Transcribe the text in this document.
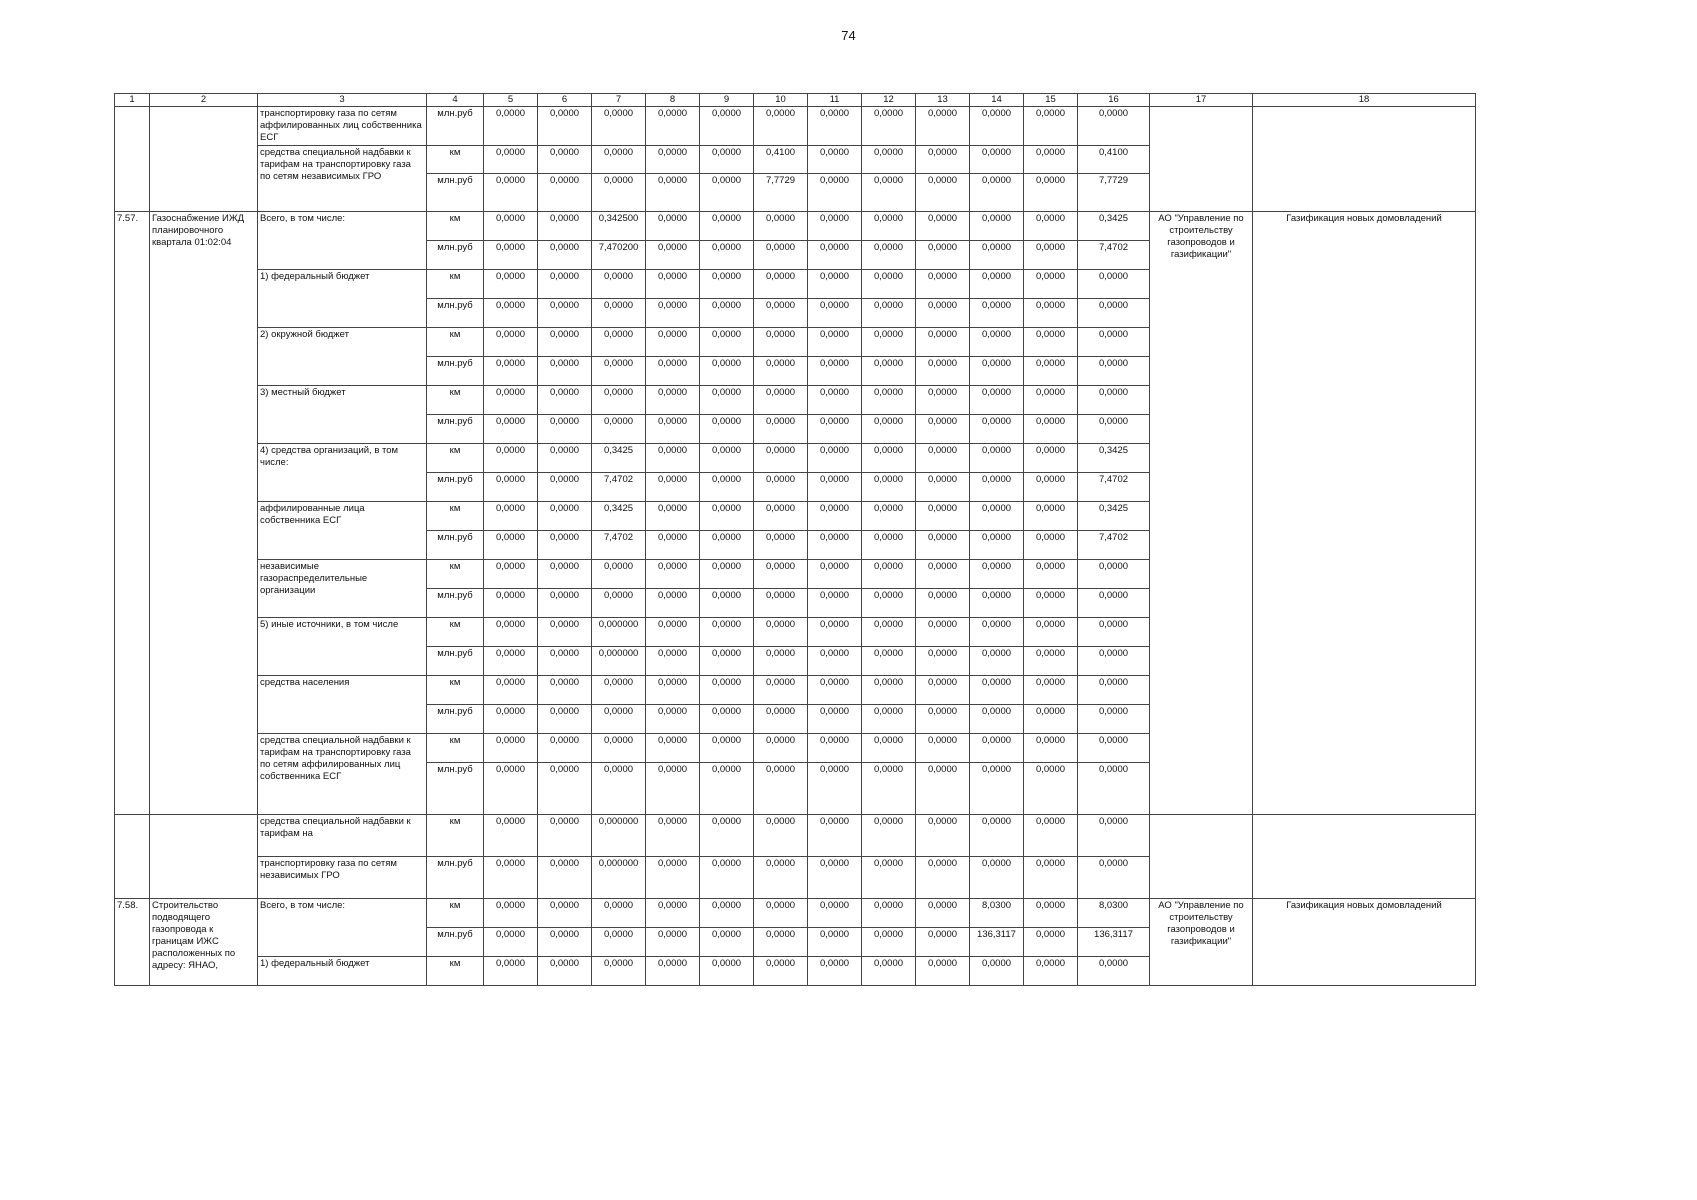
74
1	2	3	4	5	6	7	8	9	10	11	12	13	14	15	16	17	18
		транспортировку газа по сетям аффилированных лиц собственника ЕСГ	млн.руб	0,0000	0,0000	0,0000	0,0000	0,0000	0,0000	0,0000	0,0000	0,0000	0,0000	0,0000	0,0000		
		средства специальной надбавки к тарифам на транспортировку газа по сетям независимых ГРО	км	0,0000	0,0000	0,0000	0,0000	0,0000	0,4100	0,0000	0,0000	0,0000	0,0000	0,0000	0,4100		
			млн.руб	0,0000	0,0000	0,0000	0,0000	0,0000	7,7729	0,0000	0,0000	0,0000	0,0000	0,0000	7,7729		
7.57.	Газоснабжение ИЖД планировочного квартала 01:02:04	Всего, в том числе:	км	0,0000	0,0000	0,342500	0,0000	0,0000	0,0000	0,0000	0,0000	0,0000	0,0000	0,0000	0,3425	АО "Управление по строительству газопроводов и газификации"	Газификация новых домовладений
			млн.руб	0,0000	0,0000	7,470200	0,0000	0,0000	0,0000	0,0000	0,0000	0,0000	0,0000	0,0000	7,4702		
		1) федеральный бюджет	км	0,0000	0,0000	0,0000	0,0000	0,0000	0,0000	0,0000	0,0000	0,0000	0,0000	0,0000	0,0000		
			млн.руб	0,0000	0,0000	0,0000	0,0000	0,0000	0,0000	0,0000	0,0000	0,0000	0,0000	0,0000	0,0000		
		2) окружной бюджет	км	0,0000	0,0000	0,0000	0,0000	0,0000	0,0000	0,0000	0,0000	0,0000	0,0000	0,0000	0,0000		
			млн.руб	0,0000	0,0000	0,0000	0,0000	0,0000	0,0000	0,0000	0,0000	0,0000	0,0000	0,0000	0,0000		
		3) местный бюджет	км	0,0000	0,0000	0,0000	0,0000	0,0000	0,0000	0,0000	0,0000	0,0000	0,0000	0,0000	0,0000		
			млн.руб	0,0000	0,0000	0,0000	0,0000	0,0000	0,0000	0,0000	0,0000	0,0000	0,0000	0,0000	0,0000		
		4) средства организаций, в том числе:	км	0,0000	0,0000	0,3425	0,0000	0,0000	0,0000	0,0000	0,0000	0,0000	0,0000	0,0000	0,3425		
			млн.руб	0,0000	0,0000	7,4702	0,0000	0,0000	0,0000	0,0000	0,0000	0,0000	0,0000	0,0000	7,4702		
		аффилированные лица собственника ЕСГ	км	0,0000	0,0000	0,3425	0,0000	0,0000	0,0000	0,0000	0,0000	0,0000	0,0000	0,0000	0,3425		
			млн.руб	0,0000	0,0000	7,4702	0,0000	0,0000	0,0000	0,0000	0,0000	0,0000	0,0000	0,0000	7,4702		
		независимые газораспределительные организации	км	0,0000	0,0000	0,0000	0,0000	0,0000	0,0000	0,0000	0,0000	0,0000	0,0000	0,0000	0,0000		
			млн.руб	0,0000	0,0000	0,0000	0,0000	0,0000	0,0000	0,0000	0,0000	0,0000	0,0000	0,0000	0,0000		
		5) иные источники, в том числе	км	0,0000	0,0000	0,000000	0,0000	0,0000	0,0000	0,0000	0,0000	0,0000	0,0000	0,0000	0,0000		
			млн.руб	0,0000	0,0000	0,000000	0,0000	0,0000	0,0000	0,0000	0,0000	0,0000	0,0000	0,0000	0,0000		
		средства населения	км	0,0000	0,0000	0,0000	0,0000	0,0000	0,0000	0,0000	0,0000	0,0000	0,0000	0,0000	0,0000		
			млн.руб	0,0000	0,0000	0,0000	0,0000	0,0000	0,0000	0,0000	0,0000	0,0000	0,0000	0,0000	0,0000		
		средства специальной надбавки к тарифам на транспортировку газа по сетям аффилированных лиц собственника ЕСГ	км	0,0000	0,0000	0,0000	0,0000	0,0000	0,0000	0,0000	0,0000	0,0000	0,0000	0,0000	0,0000		
			млн.руб	0,0000	0,0000	0,0000	0,0000	0,0000	0,0000	0,0000	0,0000	0,0000	0,0000	0,0000	0,0000		
		средства специальной надбавки к тарифам на	км	0,0000	0,0000	0,000000	0,0000	0,0000	0,0000	0,0000	0,0000	0,0000	0,0000	0,0000	0,0000		
		транспортировку газа по сетям независимых ГРО	млн.руб	0,0000	0,0000	0,000000	0,0000	0,0000	0,0000	0,0000	0,0000	0,0000	0,0000	0,0000	0,0000		
7.58.	Строительство подводящего газопровода к границам ИЖС расположенных по адресу: ЯНАО,	Всего, в том числе:	км	0,0000	0,0000	0,0000	0,0000	0,0000	0,0000	0,0000	0,0000	0,0000	8,0300	0,0000	8,0300	АО "Управление по строительству газопроводов и газификации"	Газификация новых домовладений
			млн.руб	0,0000	0,0000	0,0000	0,0000	0,0000	0,0000	0,0000	0,0000	0,0000	136,3117	0,0000	136,3117		
		1) федеральный бюджет	км	0,0000	0,0000	0,0000	0,0000	0,0000	0,0000	0,0000	0,0000	0,0000	0,0000	0,0000	0,0000		
